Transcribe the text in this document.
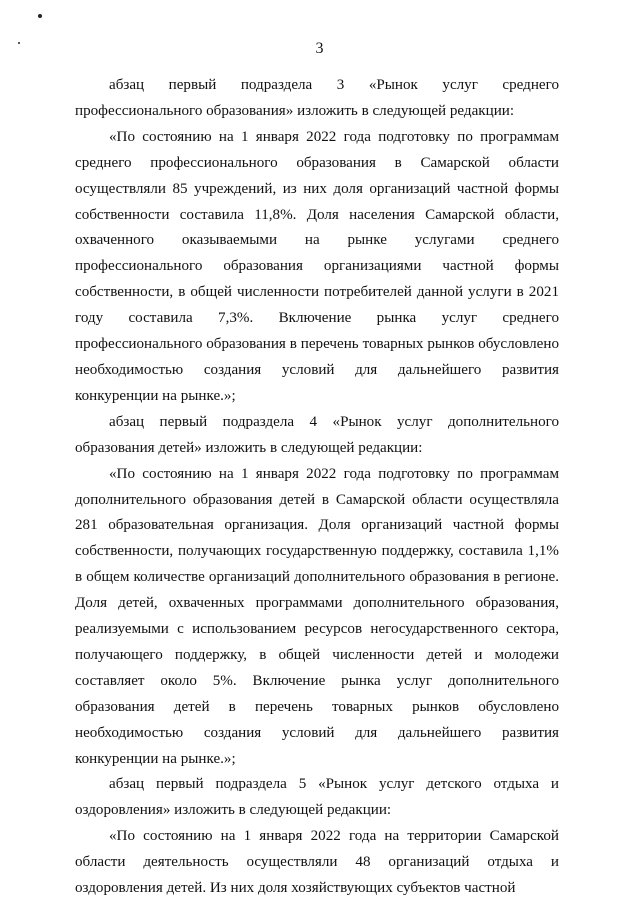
3

абзац первый подраздела 3 «Рынок услуг среднего профессионального образования» изложить в следующей редакции:

«По состоянию на 1 января 2022 года подготовку по программам среднего профессионального образования в Самарской области осуществляли 85 учреждений, из них доля организаций частной формы собственности составила 11,8%. Доля населения Самарской области, охваченного оказываемыми на рынке услугами среднего профессионального образования организациями частной формы собственности, в общей численности потребителей данной услуги в 2021 году составила 7,3%. Включение рынка услуг среднего профессионального образования в перечень товарных рынков обусловлено необходимостью создания условий для дальнейшего развития конкуренции на рынке.»;

абзац первый подраздела 4 «Рынок услуг дополнительного образования детей» изложить в следующей редакции:

«По состоянию на 1 января 2022 года подготовку по программам дополнительного образования детей в Самарской области осуществляла 281 образовательная организация. Доля организаций частной формы собственности, получающих государственную поддержку, составила 1,1% в общем количестве организаций дополнительного образования в регионе. Доля детей, охваченных программами дополнительного образования, реализуемыми с использованием ресурсов негосударственного сектора, получающего поддержку, в общей численности детей и молодежи составляет около 5%. Включение рынка услуг дополнительного образования детей в перечень товарных рынков обусловлено необходимостью создания условий для дальнейшего развития конкуренции на рынке.»;

абзац первый подраздела 5 «Рынок услуг детского отдыха и оздоровления» изложить в следующей редакции:

«По состоянию на 1 января 2022 года на территории Самарской области деятельность осуществляли 48 организаций отдыха и оздоровления детей. Из них доля хозяйствующих субъектов частной
